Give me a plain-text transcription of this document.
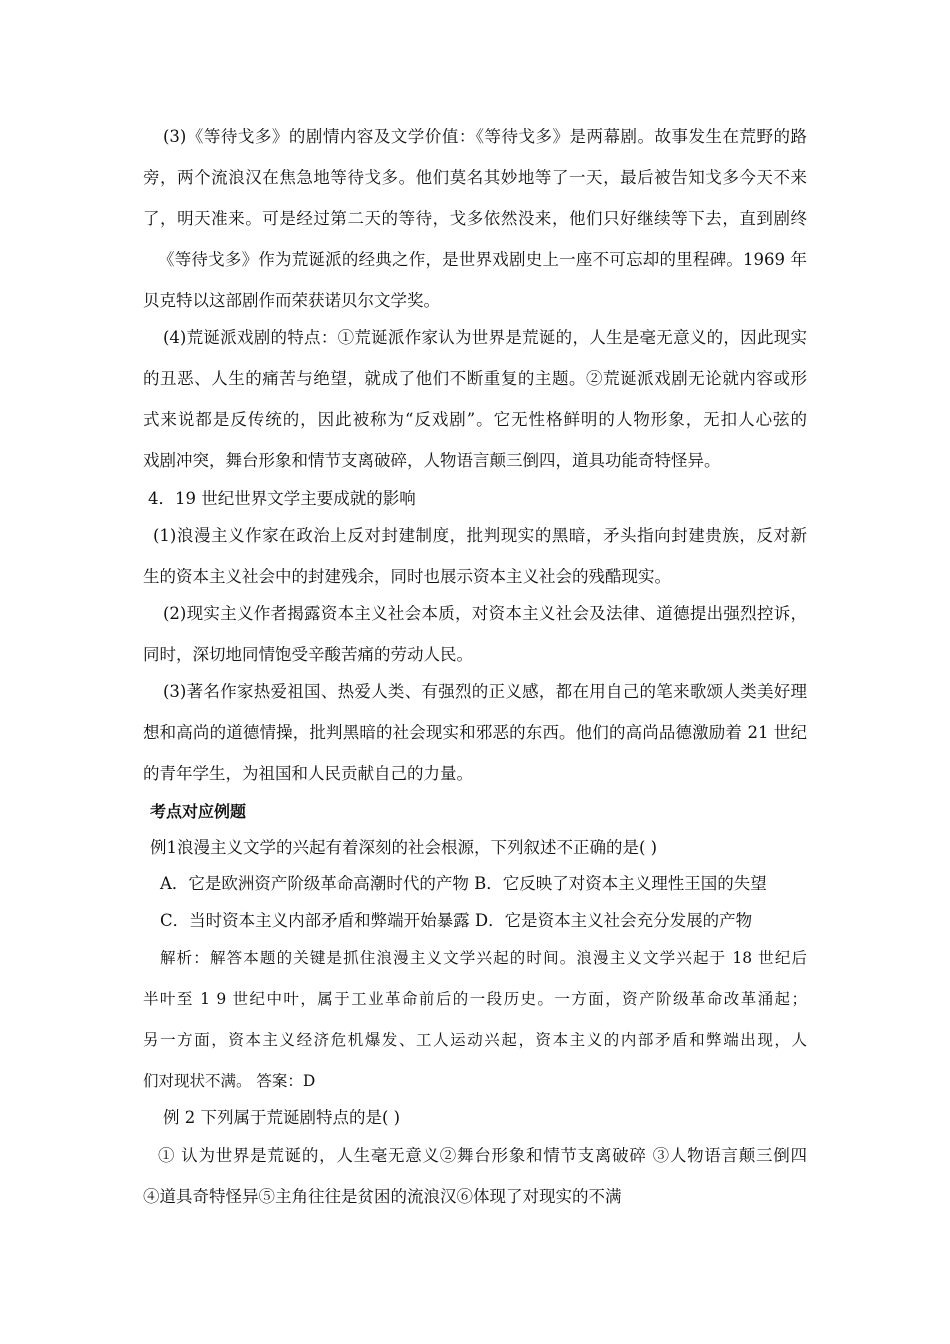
(3)《等待戈多》的剧情内容及文学价值：《等待戈多》是两幕剧。故事发生在荒野的路
旁，两个流浪汉在焦急地等待戈多。他们莫名其妙地等了一天，最后被告知戈多今天不来
了，明天准来。可是经过第二天的等待，戈多依然没来，他们只好继续等下去，直到剧终
《等待戈多》作为荒诞派的经典之作，是世界戏剧史上一座不可忘却的里程碑。1969 年
贝克特以这部剧作而荣获诺贝尔文学奖。
(4)荒诞派戏剧的特点：①荒诞派作家认为世界是荒诞的，人生是毫无意义的，因此现实
的丑恶、人生的痛苦与绝望，就成了他们不断重复的主题。②荒诞派戏剧无论就内容或形
式来说都是反传统的，因此被称为“反戏剧”。它无性格鲜明的人物形象，无扣人心弦的
戏剧冲突，舞台形象和情节支离破碎，人物语言颠三倒四，道具功能奇特怪异。
4．19 世纪世界文学主要成就的影响
(1)浪漫主义作家在政治上反对封建制度，批判现实的黑暗，矛头指向封建贵族，反对新
生的资本主义社会中的封建残余，同时也展示资本主义社会的残酷现实。
(2)现实主义作者揭露资本主义社会本质，对资本主义社会及法律、道德提出强烈控诉，
同时，深切地同情饱受辛酸苦痛的劳动人民。
(3)著名作家热爱祖国、热爱人类、有强烈的正义感，都在用自己的笔来歌颂人类美好理
想和高尚的道德情操，批判黑暗的社会现实和邪恶的东西。他们的高尚品德激励着 21 世纪
的青年学生，为祖国和人民贡献自己的力量。
考点对应例题
例1浪漫主义文学的兴起有着深刻的社会根源，下列叙述不正确的是( )
A．它是欧洲资产阶级革命高潮时代的产物 B．它反映了对资本主义理性王国的失望
C．当时资本主义内部矛盾和弊端开始暴露 D．它是资本主义社会充分发展的产物
解析：解答本题的关键是抓住浪漫主义文学兴起的时间。浪漫主义文学兴起于 18 世纪后
半叶至 1 9 世纪中叶，属于工业革命前后的一段历史。一方面，资产阶级革命改革涌起；
另一方面，资本主义经济危机爆发、工人运动兴起，资本主义的内部矛盾和弊端出现，人
们对现状不满。 答案：D
例 2 下列属于荒诞剧特点的是( )
① 认为世界是荒诞的，人生毫无意义②舞台形象和情节支离破碎 ③人物语言颠三倒四
④道具奇特怪异⑤主角往往是贫困的流浪汉⑥体现了对现实的不满
